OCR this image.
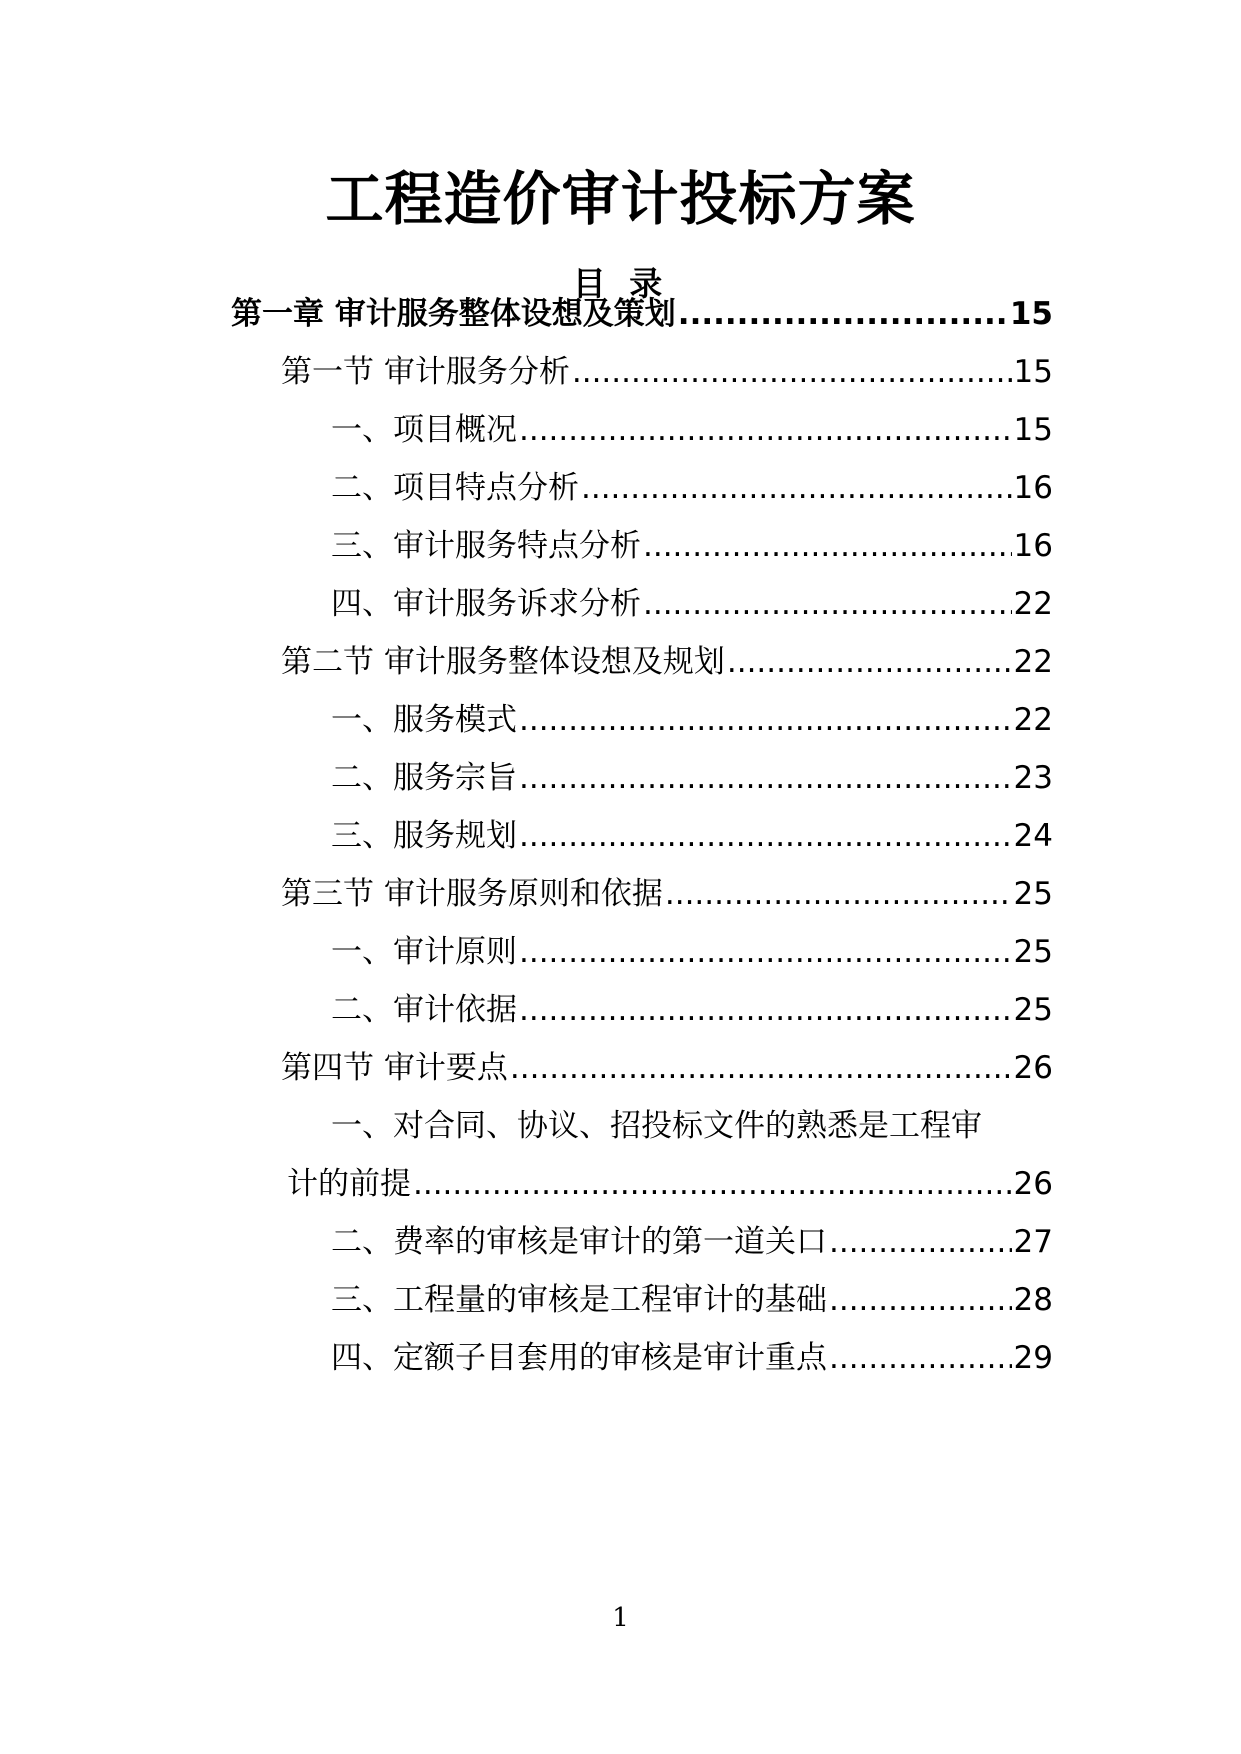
工程造价审计投标方案
目 录
第一章 审计服务整体设想及策划 .....	15
第一节 审计服务分析 .....	15
一、项目概况 .....	15
二、项目特点分析 .....	16
三、审计服务特点分析 .....	16
四、审计服务诉求分析 .....	22
第二节 审计服务整体设想及规划 .....	22
一、服务模式 .....	22
二、服务宗旨 .....	23
三、服务规划 .....	24
第三节 审计服务原则和依据 .....	25
一、审计原则 .....	25
二、审计依据 .....	25
第四节 审计要点 .....	26
一、对合同、协议、招投标文件的熟悉是工程审
计的前提 .....	26
二、费率的审核是审计的第一道关口 .....	27
三、工程量的审核是工程审计的基础 .....	28
四、定额子目套用的审核是审计重点 .....	29
1
